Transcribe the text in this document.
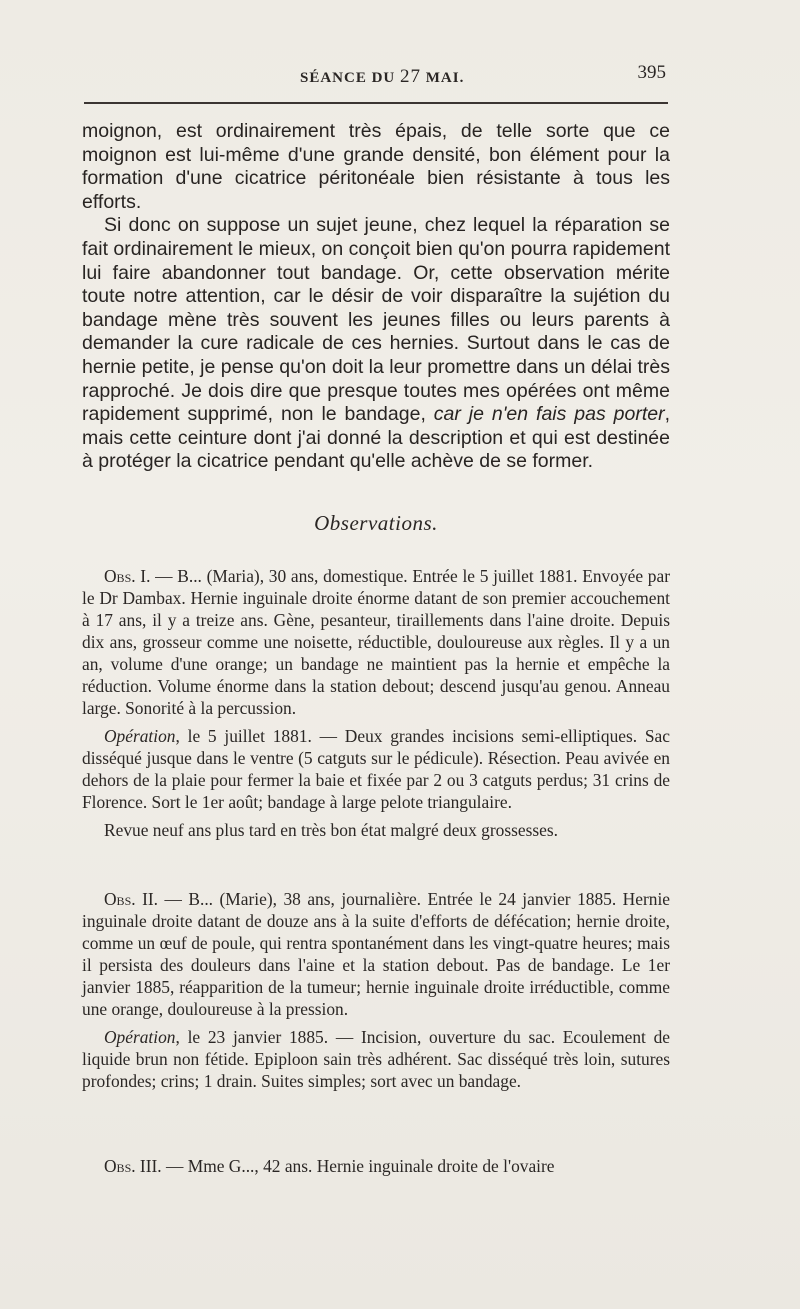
SÉANCE DU 27 MAI.	395

moignon, est ordinairement très épais, de telle sorte que ce moignon est lui-même d'une grande densité, bon élément pour la formation d'une cicatrice péritonéale bien résistante à tous les efforts.

Si donc on suppose un sujet jeune, chez lequel la réparation se fait ordinairement le mieux, on conçoit bien qu'on pourra rapidement lui faire abandonner tout bandage. Or, cette observation mérite toute notre attention, car le désir de voir disparaître la sujétion du bandage mène très souvent les jeunes filles ou leurs parents à demander la cure radicale de ces hernies. Surtout dans le cas de hernie petite, je pense qu'on doit la leur promettre dans un délai très rapproché. Je dois dire que presque toutes mes opérées ont même rapidement supprimé, non le bandage, car je n'en fais pas porter, mais cette ceinture dont j'ai donné la description et qui est destinée à protéger la cicatrice pendant qu'elle achève de se former.

Observations.

Obs. I. — B... (Maria), 30 ans, domestique. Entrée le 5 juillet 1881. Envoyée par le Dr Dambax. Hernie inguinale droite énorme datant de son premier accouchement à 17 ans, il y a treize ans. Gène, pesanteur, tiraillements dans l'aine droite. Depuis dix ans, grosseur comme une noisette, réductible, douloureuse aux règles. Il y a un an, volume d'une orange; un bandage ne maintient pas la hernie et empêche la réduction. Volume énorme dans la station debout; descend jusqu'au genou. Anneau large. Sonorité à la percussion.

Opération, le 5 juillet 1881. — Deux grandes incisions semi-elliptiques. Sac disséqué jusque dans le ventre (5 catguts sur le pédicule). Résection. Peau avivée en dehors de la plaie pour fermer la baie et fixée par 2 ou 3 catguts perdus; 31 crins de Florence. Sort le 1er août; bandage à large pelote triangulaire.

Revue neuf ans plus tard en très bon état malgré deux grossesses.

Obs. II. — B... (Marie), 38 ans, journalière. Entrée le 24 janvier 1885. Hernie inguinale droite datant de douze ans à la suite d'efforts de défécation; hernie droite, comme un œuf de poule, qui rentra spontanément dans les vingt-quatre heures; mais il persista des douleurs dans l'aine et la station debout. Pas de bandage. Le 1er janvier 1885, réapparition de la tumeur; hernie inguinale droite irréductible, comme une orange, douloureuse à la pression.

Opération, le 23 janvier 1885. — Incision, ouverture du sac. Ecoulement de liquide brun non fétide. Epiploon sain très adhérent. Sac disséqué très loin, sutures profondes; crins; 1 drain. Suites simples; sort avec un bandage.

Obs. III. — Mme G..., 42 ans. Hernie inguinale droite de l'ovaire
